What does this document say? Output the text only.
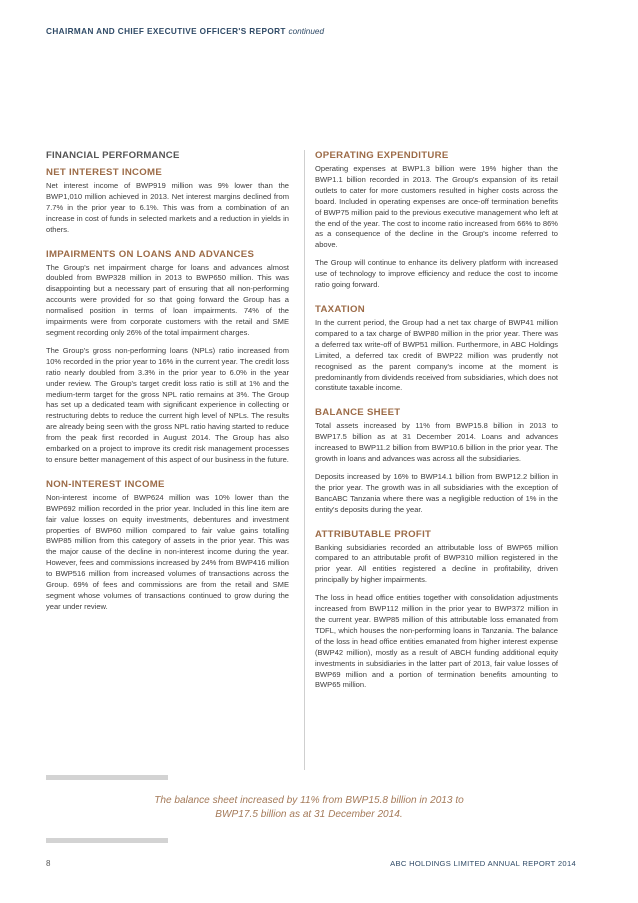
CHAIRMAN AND CHIEF EXECUTIVE OFFICER'S REPORT continued
FINANCIAL PERFORMANCE
NET INTEREST INCOME

Net interest income of BWP919 million was 9% lower than the BWP1,010 million achieved in 2013. Net interest margins declined from 7.7% in the prior year to 6.1%. This was from a combination of an increase in cost of funds in selected markets and a reduction in yields in others.

IMPAIRMENTS ON LOANS AND ADVANCES

The Group's net impairment charge for loans and advances almost doubled from BWP328 million in 2013 to BWP650 million. This was disappointing but a necessary part of ensuring that all non-performing accounts were provided for so that going forward the Group has a normalised position in terms of loan impairments. 74% of the impairments were from corporate customers with the retail and SME segment recording only 26% of the total impairment charges.

The Group's gross non-performing loans (NPLs) ratio increased from 10% recorded in the prior year to 16% in the current year. The credit loss ratio nearly doubled from 3.3% in the prior year to 6.0% in the year under review. The Group's target credit loss ratio is still at 1% and the medium-term target for the gross NPL ratio remains at 3%. The Group has set up a dedicated team with significant experience in collecting or restructuring debts to reduce the current high level of NPLs. The results are already being seen with the gross NPL ratio having started to reduce from the peak first recorded in August 2014. The Group has also embarked on a project to improve its credit risk management processes to ensure better management of this aspect of our business in the future.

NON-INTEREST INCOME

Non-interest income of BWP624 million was 10% lower than the BWP692 million recorded in the prior year. Included in this line item are fair value losses on equity investments, debentures and investment properties of BWP60 million compared to fair value gains totalling BWP85 million from this category of assets in the prior year. This was the major cause of the decline in non-interest income during the year. However, fees and commissions increased by 24% from BWP416 million to BWP516 million from increased volumes of transactions across the Group. 69% of fees and commissions are from the retail and SME segment whose volumes of transactions continued to grow during the year under review.

OPERATING EXPENDITURE

Operating expenses at BWP1.3 billion were 19% higher than the BWP1.1 billion recorded in 2013. The Group's expansion of its retail outlets to cater for more customers resulted in higher costs across the board. Included in operating expenses are once-off termination benefits of BWP75 million paid to the previous executive management who left at the end of the year. The cost to income ratio increased from 66% to 86% as a consequence of the decline in the Group's income referred to above.

The Group will continue to enhance its delivery platform with increased use of technology to improve efficiency and reduce the cost to income ratio going forward.

TAXATION

In the current period, the Group had a net tax charge of BWP41 million compared to a tax charge of BWP80 million in the prior year. There was a deferred tax write-off of BWP51 million. Furthermore, in ABC Holdings Limited, a deferred tax credit of BWP22 million was prudently not recognised as the parent company's income at the moment is predominantly from dividends received from subsidiaries, which does not constitute taxable income.

BALANCE SHEET

Total assets increased by 11% from BWP15.8 billion in 2013 to BWP17.5 billion as at 31 December 2014. Loans and advances increased to BWP11.2 billion from BWP10.6 billion in the prior year. The growth in loans and advances was across all the subsidiaries.

Deposits increased by 16% to BWP14.1 billion from BWP12.2 billion in the prior year. The growth was in all subsidiaries with the exception of BancABC Tanzania where there was a negligible reduction of 1% in the entity's deposits during the year.

ATTRIBUTABLE PROFIT

Banking subsidiaries recorded an attributable loss of BWP65 million compared to an attributable profit of BWP310 million registered in the prior year. All entities registered a decline in profitability, driven principally by higher impairments.

The loss in head office entities together with consolidation adjustments increased from BWP112 million in the prior year to BWP372 million in the current year. BWP85 million of this attributable loss emanated from TDFL, which houses the non-performing loans in Tanzania. The balance of the loss in head office entities emanated from higher interest expense (BWP42 million), mostly as a result of ABCH funding additional equity investments in subsidiaries in the latter part of 2013, fair value losses of BWP69 million and a portion of termination benefits amounting to BWP65 million.

The balance sheet increased by 11% from BWP15.8 billion in 2013 to
BWP17.5 billion as at 31 December 2014.
8	ABC HOLDINGS LIMITED ANNUAL REPORT 2014
